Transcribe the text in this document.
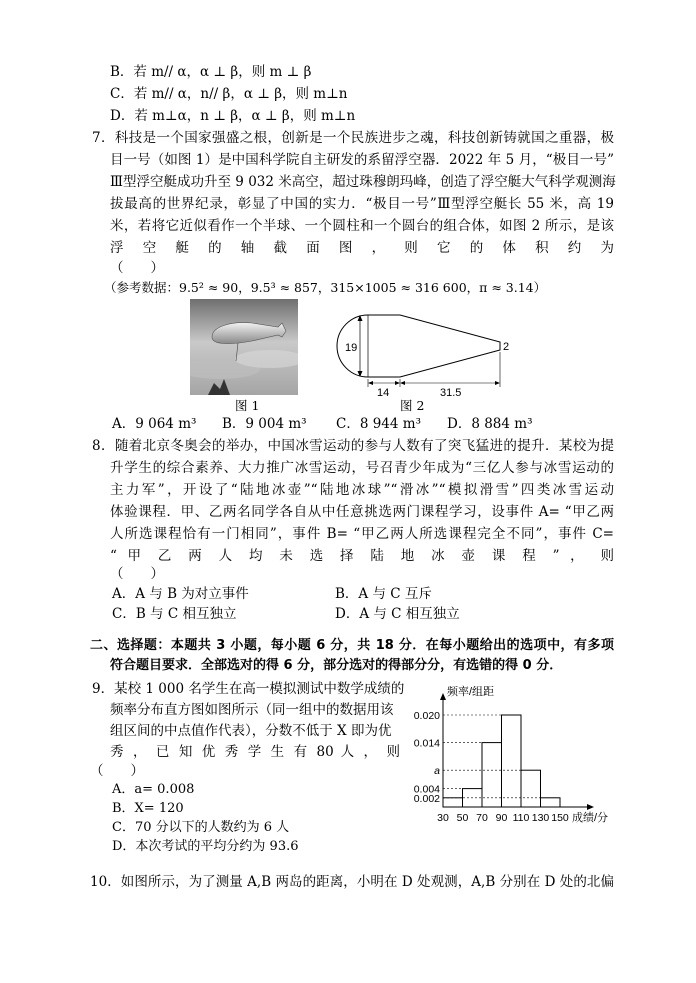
B．若 m// α，α ⊥ β，则 m ⊥ β
C．若 m// α，n// β，α ⊥ β，则 m⊥n
D．若 m⊥α，n ⊥ β，α ⊥ β，则 m⊥n
7．科技是一个国家强盛之根，创新是一个民族进步之魂，科技创新铸就国之重器，极
目一号（如图 1）是中国科学院自主研发的系留浮空器．2022 年 5 月，“极目一号”
Ⅲ型浮空艇成功升至 9 032 米高空，超过珠穆朗玛峰，创造了浮空艇大气科学观测海
拔最高的世界纪录，彰显了中国的实力．“极目一号”Ⅲ型浮空艇长 55 米，高 19
米，若将它近似看作一个半球、一个圆柱和一个圆台的组合体，如图 2 所示，是该
浮 空 艇 的 轴 截 面 图 ， 则 它 的 体 积 约 为
（　　）
（参考数据：9.5² ≈ 90，9.5³ ≈ 857，315×1005 ≈ 316 600，π ≈ 3.14）
图 1
19	2
14	31.5
图 2
A．9 064 m³ B．9 004 m³ C．8 944 m³ D．8 884 m³
8．随着北京冬奥会的举办，中国冰雪运动的参与人数有了突飞猛进的提升．某校为提
升学生的综合素养、大力推广冰雪运动，号召青少年成为“三亿人参与冰雪运动的
主力军”，开设了“陆地冰壶”“陆地冰球”“滑冰”“模拟滑雪”四类冰雪运动
体验课程．甲、乙两名同学各自从中任意挑选两门课程学习，设事件 A= “甲乙两
人所选课程恰有一门相同”，事件 B= “甲乙两人所选课程完全不同”，事件 C=
“ 甲 乙 两 人 均 未 选 择 陆 地 冰 壶 课 程 ” ， 则
（　　）
A．A 与 B 为对立事件	B．A 与 C 互斥
C．B 与 C 相互独立	D．A 与 C 相互独立
二、选择题：本题共 3 小题，每小题 6 分，共 18 分．在每小题给出的选项中，有多项
符合题目要求．全部选对的得 6 分，部分选对的得部分分，有选错的得 0 分．
9．某校 1 000 名学生在高一模拟测试中数学成绩的
频率分布直方图如图所示（同一组中的数据用该
组区间的中点值作代表），分数不低于 X 即为优
秀 ， 已 知 优 秀 学 生 有 80 人 ， 则
（　　）
A．a= 0.008
B．X= 120
C．70 分以下的人数约为 6 人
D．本次考试的平均分约为 93.6
频率/组距
成绩/分
0.002
0.004
a
0.014
0.020
30 50 70 90 110 130 150
10．如图所示，为了测量 A,B 两岛的距离，小明在 D 处观测，A,B 分别在 D 处的北偏
